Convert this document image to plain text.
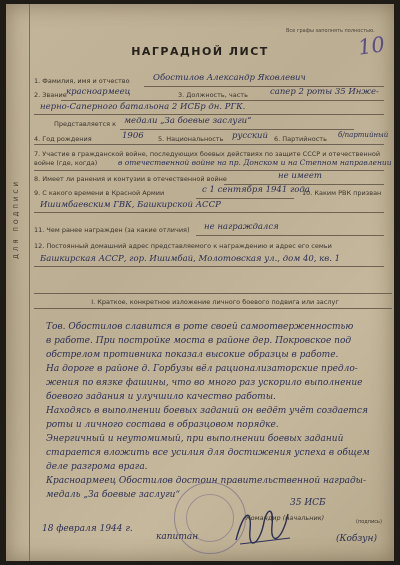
ДЛЯ ПОДПИСИ
Все графы заполнять полностью.
10
НАГРАДНОЙ ЛИСТ
1. Фамилия, имя и отчество	Обостилов Александр Яковлевич
2. Звание красноармеец	3. Должность, часть	сапер 2 роты 35 Инже-
нерно-Саперного батальона 2 ИСБр дн. РГК.
Представляется к медали „За боевые заслуги“
4. Год рождения	1906 5. Национальность русский 6. Партийность б/партийный
7. Участие в гражданской войне, последующих боевых действиях по защите СССР и отечественной войне (где, когда)	в отечественной войне на пр. Донском и на Степном направлении
8. Имеет ли ранения и контузии в отечественной войне	не имеет
9. С какого времени в Красной Армии	с 1 сентября 1941 года
10. Каким РВК призван
Ишимбаевским ГВК, Башкирской АССР
11. Чем ранее награжден (за какие отличия) не награждался
12. Постоянный домашний адрес представляемого к награждению и адрес его семьи
Башкирская АССР, гор. Ишимбай, Молотовская ул., дом 40, кв. 1
I. Краткое, конкретное изложение личного боевого подвига или заслуг
Тов. Обостилов славится в роте своей самоотверженностью
в работе. При постройке моста в районе дер. Покровское под
обстрелом противника показал высокие образцы в работе.
На дороге в районе д. Горбузы вёл рационализаторские предло-
жения по вязке фашины, что во много раз ускорило выполнение
боевого задания и улучшило качество работы.
Находясь в выполнении боевых заданий он ведёт учёт создается
роты и личного состава в образцовом порядке.
Энергичный и неутомимый, при выполнении боевых заданий
старается вложить все усилия для достижения успеха в общем
деле разгрома врага.
Красноармеец Обостилов достоин правительственной награды-
медаль „За боевые заслуги“
18 февраля 1944 г.
Командир (начальник)
35 ИСБ
капитан	(Кобзун)
(подпись)
